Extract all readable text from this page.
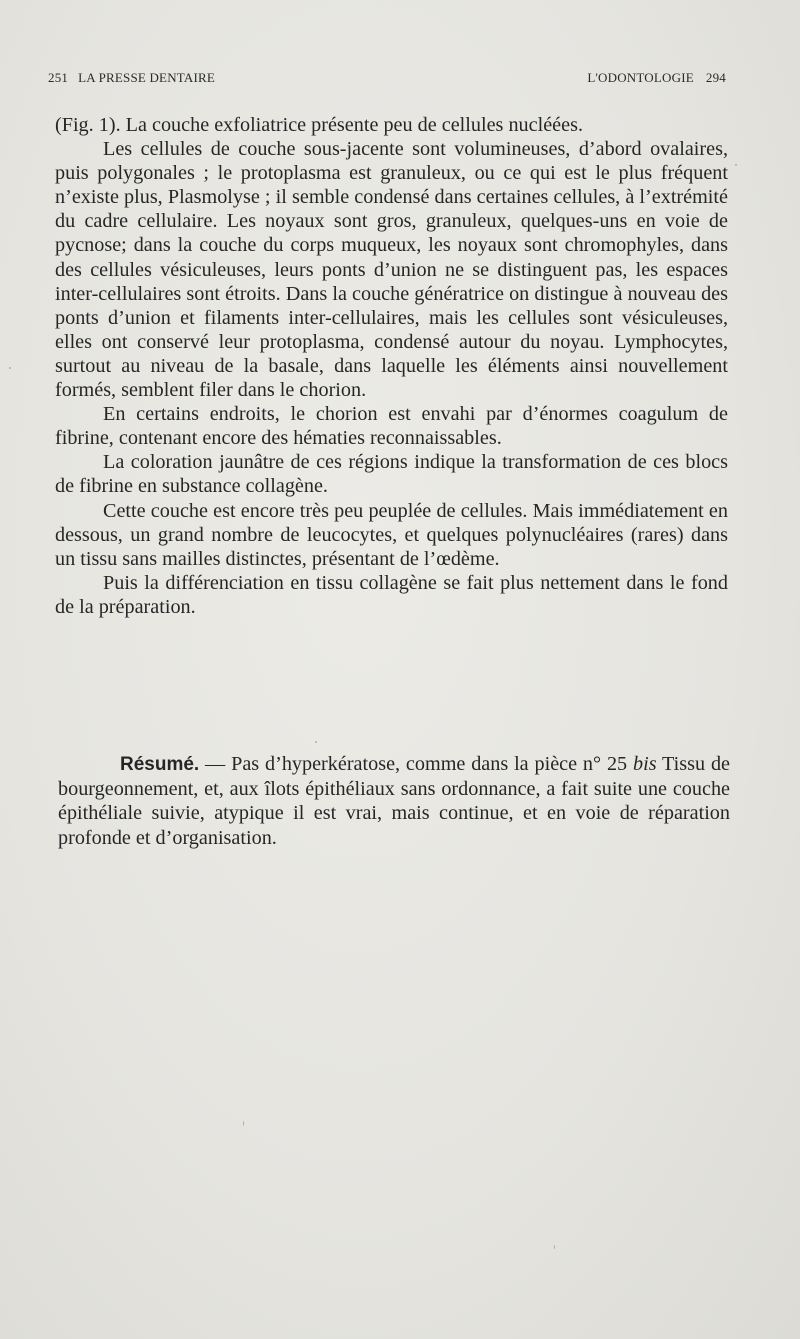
251 LA PRESSE DENTAIRE	L'ODONTOLOGIE 294

(Fig. 1). La couche exfoliatrice présente peu de cellules nucléées.

Les cellules de couche sous-jacente sont volumineuses, d’abord ovalaires, puis polygonales ; le protoplasma est granuleux, ou ce qui est le plus fréquent n’existe plus, Plasmolyse ; il semble condensé dans certaines cellules, à l’extrémité du cadre cellulaire. Les noyaux sont gros, granuleux, quelques-uns en voie de pycnose; dans la couche du corps muqueux, les noyaux sont chromophyles, dans des cellules vésiculeuses, leurs ponts d’union ne se distinguent pas, les espaces inter-cellulaires sont étroits. Dans la couche génératrice on distingue à nouveau des ponts d’union et filaments inter-cellulaires, mais les cellules sont vésiculeuses, elles ont conservé leur protoplasma, condensé autour du noyau. Lymphocytes, surtout au niveau de la basale, dans laquelle les éléments ainsi nouvellement formés, semblent filer dans le chorion.

En certains endroits, le chorion est envahi par d’énormes coagulum de fibrine, contenant encore des hématies reconnaissables.

La coloration jaunâtre de ces régions indique la transformation de ces blocs de fibrine en substance collagène.

Cette couche est encore très peu peuplée de cellules. Mais immédiatement en dessous, un grand nombre de leucocytes, et quelques polynucléaires (rares) dans un tissu sans mailles distinctes, présentant de l’œdème.

Puis la différenciation en tissu collagène se fait plus nettement dans le fond de la préparation.

Résumé. — Pas d’hyperkératose, comme dans la pièce n° 25 bis Tissu de bourgeonnement, et, aux îlots épithéliaux sans ordonnance, a fait suite une couche épithéliale suivie, atypique il est vrai, mais continue, et en voie de réparation profonde et d’organisation.
